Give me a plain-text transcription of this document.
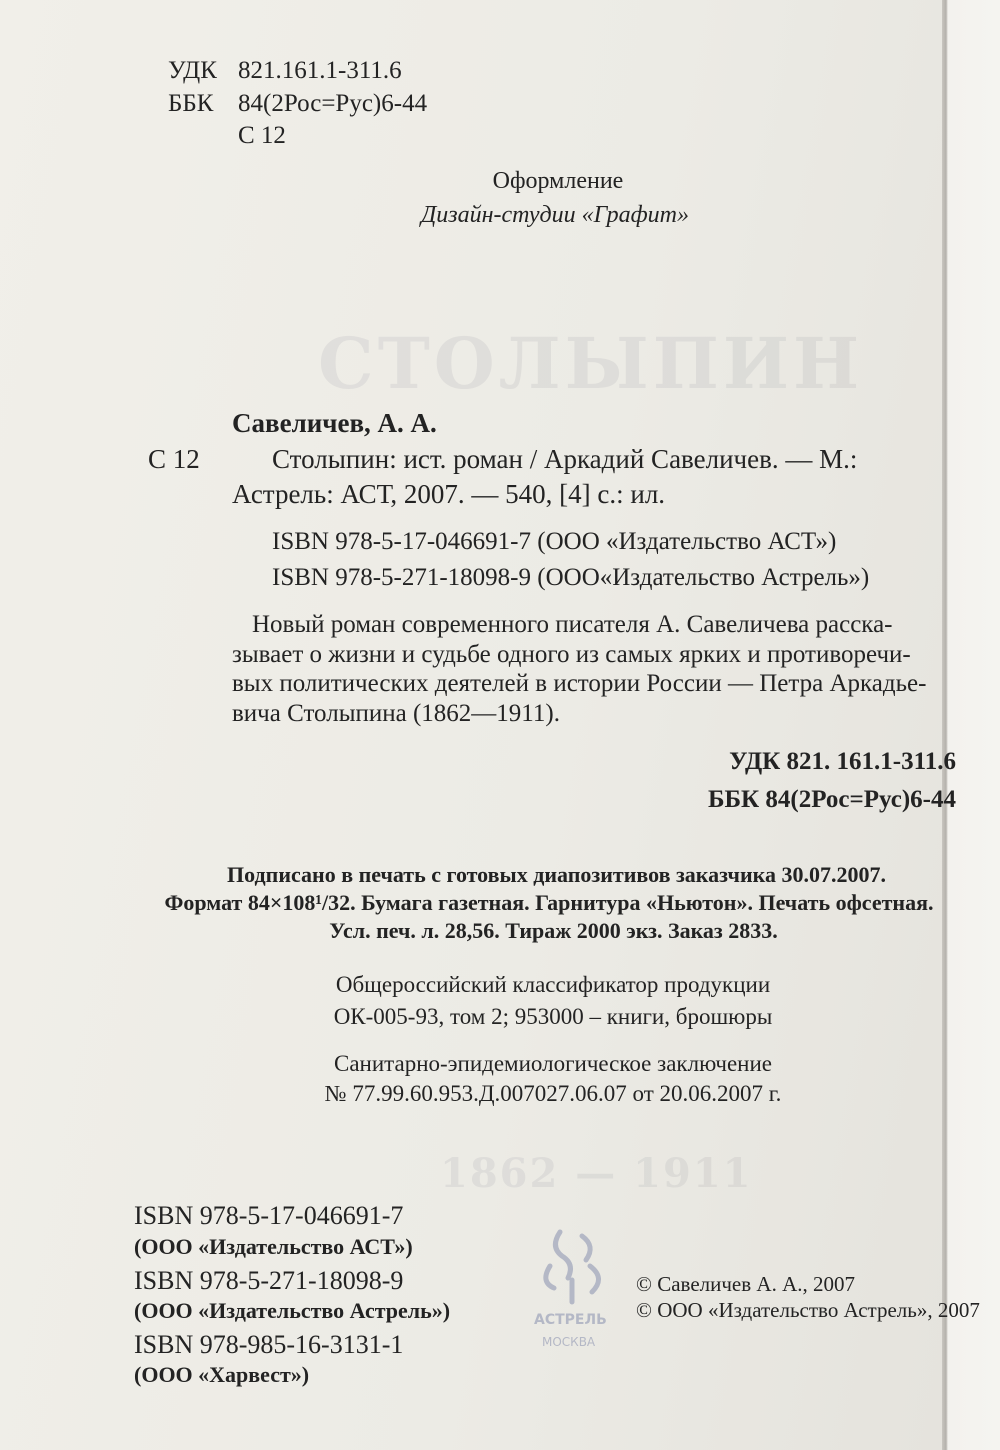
СТОЛЫПИН
1862 — 1911
УДК 821.161.1-311.6
ББК 84(2Рос=Рус)6-44
С 12
Оформление
Дизайн-студии «Графит»
Савеличев, А. А.
С 12	Столыпин: ист. роман / Аркадий Савеличев. — М.:
Астрель: АСТ, 2007. — 540, [4] с.: ил.
ISBN 978-5-17-046691-7 (ООО «Издательство АСТ»)
ISBN 978-5-271-18098-9 (ООО«Издательство Астрель»)
Новый роман современного писателя А. Савеличева расска-
зывает о жизни и судьбе одного из самых ярких и противоречи-
вых политических деятелей в истории России — Петра Аркадье-
вича Столыпина (1862—1911).
УДК 821. 161.1-311.6
ББК 84(2Рос=Рус)6-44
Подписано в печать с готовых диапозитивов заказчика 30.07.2007.
Формат 84×108¹/32. Бумага газетная. Гарнитура «Ньютон». Печать офсетная.
Усл. печ. л. 28,56. Тираж 2000 экз. Заказ 2833.
Общероссийский классификатор продукции
ОК-005-93, том 2; 953000 – книги, брошюры
Санитарно-эпидемиологическое заключение
№ 77.99.60.953.Д.007027.06.07 от 20.06.2007 г.
ISBN 978-5-17-046691-7
(ООО «Издательство АСТ»)
ISBN 978-5-271-18098-9
(ООО «Издательство Астрель»)
ISBN 978-985-16-3131-1
(ООО «Харвест»)
АСТРЕЛЬ
МОСКВА
© Савеличев А. А., 2007
© ООО «Издательство Астрель», 2007
